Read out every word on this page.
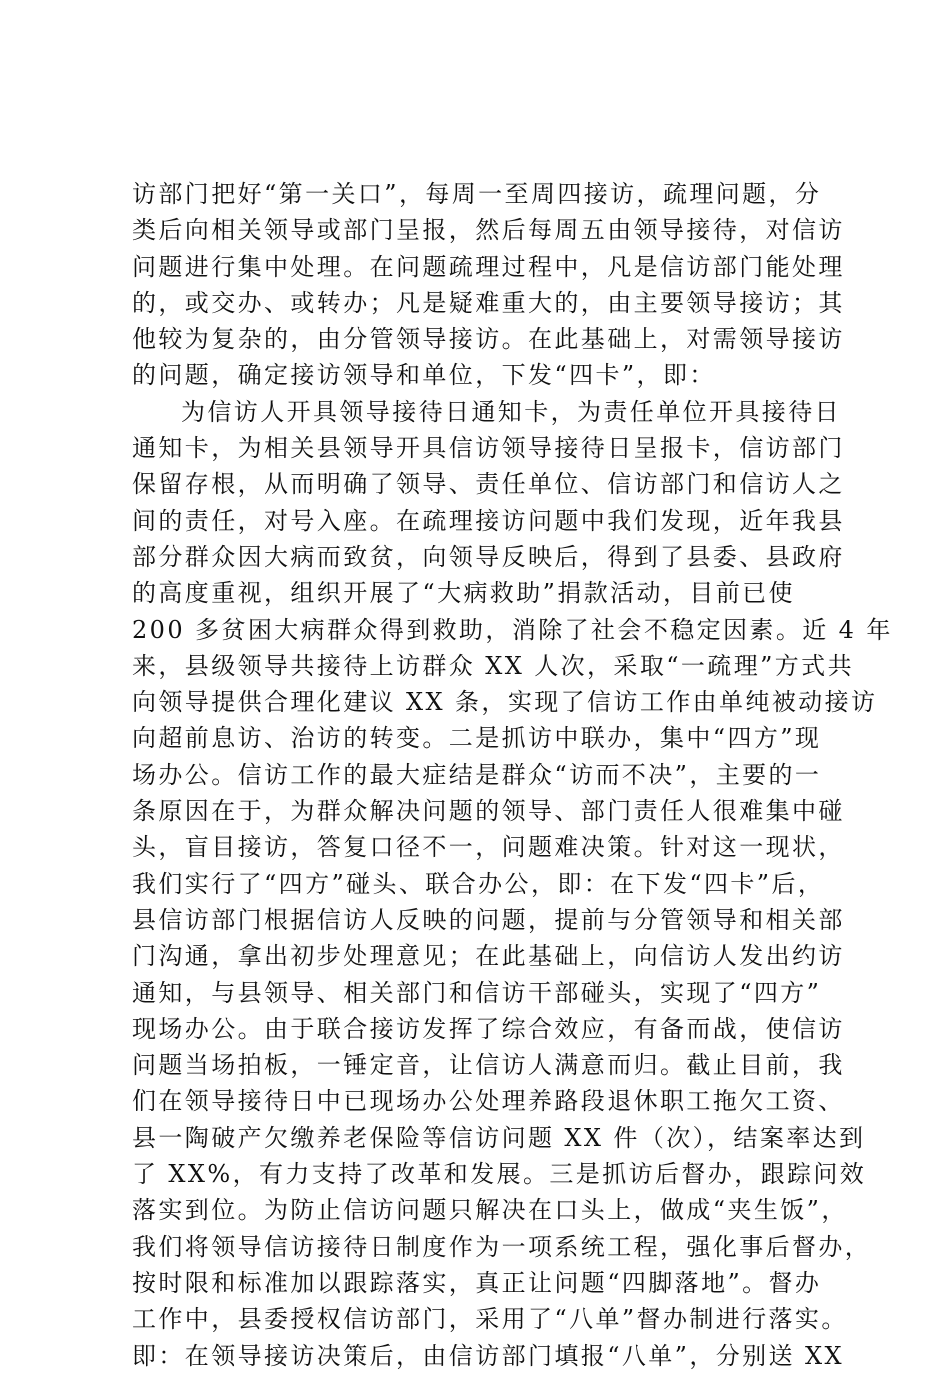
访部门把好“第一关口”，每周一至周四接访，疏理问题，分
类后向相关领导或部门呈报，然后每周五由领导接待，对信访
问题进行集中处理。在问题疏理过程中，凡是信访部门能处理
的，或交办、或转办；凡是疑难重大的，由主要领导接访；其
他较为复杂的，由分管领导接访。在此基础上，对需领导接访
的问题，确定接访领导和单位，下发“四卡”，即：
为信访人开具领导接待日通知卡，为责任单位开具接待日
通知卡，为相关县领导开具信访领导接待日呈报卡，信访部门
保留存根，从而明确了领导、责任单位、信访部门和信访人之
间的责任，对号入座。在疏理接访问题中我们发现，近年我县
部分群众因大病而致贫，向领导反映后，得到了县委、县政府
的高度重视，组织开展了“大病救助”捐款活动，目前已使
200 多贫困大病群众得到救助，消除了社会不稳定因素。近 4 年
来，县级领导共接待上访群众 XX 人次，采取“一疏理”方式共
向领导提供合理化建议 XX 条，实现了信访工作由单纯被动接访
向超前息访、治访的转变。二是抓访中联办，集中“四方”现
场办公。信访工作的最大症结是群众“访而不决”，主要的一
条原因在于，为群众解决问题的领导、部门责任人很难集中碰
头，盲目接访，答复口径不一，问题难决策。针对这一现状，
我们实行了“四方”碰头、联合办公，即：在下发“四卡”后，
县信访部门根据信访人反映的问题，提前与分管领导和相关部
门沟通，拿出初步处理意见；在此基础上，向信访人发出约访
通知，与县领导、相关部门和信访干部碰头，实现了“四方”
现场办公。由于联合接访发挥了综合效应，有备而战，使信访
问题当场拍板，一锤定音，让信访人满意而归。截止目前，我
们在领导接待日中已现场办公处理养路段退休职工拖欠工资、
县一陶破产欠缴养老保险等信访问题 XX 件（次），结案率达到
了 XX%，有力支持了改革和发展。三是抓访后督办，跟踪问效
落实到位。为防止信访问题只解决在口头上，做成“夹生饭”，
我们将领导信访接待日制度作为一项系统工程，强化事后督办，
按时限和标准加以跟踪落实，真正让问题“四脚落地”。督办
工作中，县委授权信访部门，采用了“八单”督办制进行落实。
即：在领导接访决策后，由信访部门填报“八单”，分别送 XX
